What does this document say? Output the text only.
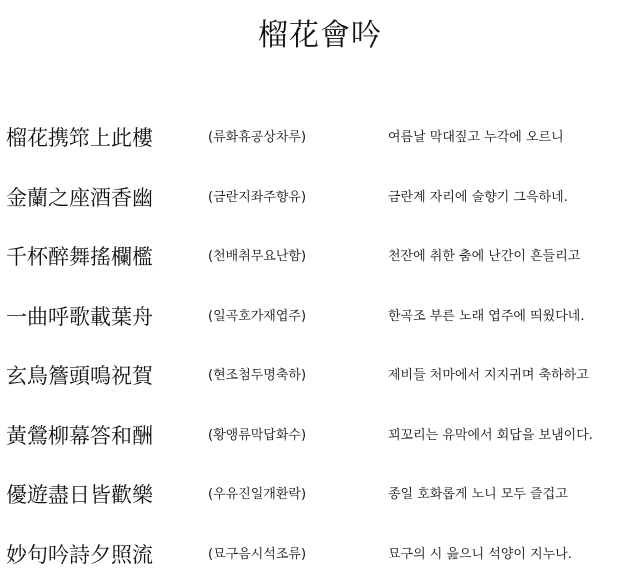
榴花會吟
榴花携筇上此樓	(류화휴공상차루)	여름날 막대짚고 누각에 오르니
金蘭之座酒香幽	(금란지좌주향유)	금란계 자리에 술향기 그윽하네.
千杯醉舞搖欄檻	(천배취무요난함)	천잔에 취한 춤에 난간이 흔들리고
一曲呼歌載葉舟	(일곡호가재엽주)	한곡조 부른 노래 엽주에 띄웠다네.
玄鳥簷頭鳴祝賀	(현조첨두명축하)	제비들 처마에서 지지귀며 축하하고
黃鶯柳幕答和酬	(황앵류막답화수)	꾀꼬리는 유막에서 회답을 보냄이다.
優遊盡日皆歡樂	(우유진일개환락)	종일 호화롭게 노니 모두 즐겁고
妙句吟詩夕照流	(묘구음시석조류)	묘구의 시 읊으니 석양이 지누나.
